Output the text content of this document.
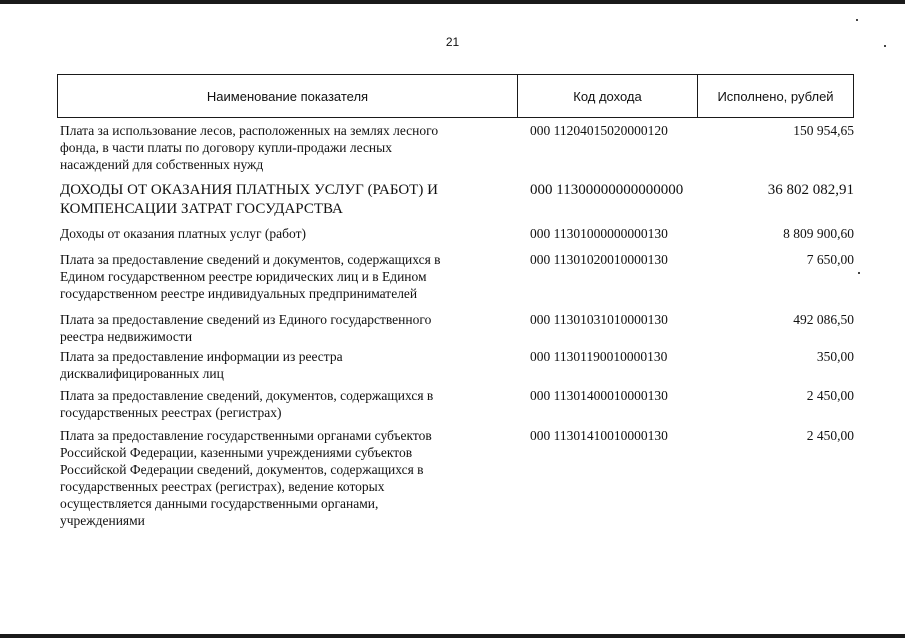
21
Наименование показателя	Код дохода	Исполнено, рублей
Плата за использование лесов, расположенных на землях лесного
фонда, в части платы по договору купли-продажи лесных
насаждений для собственных нужд
000 11204015020000120	150 954,65
ДОХОДЫ ОТ ОКАЗАНИЯ ПЛАТНЫХ УСЛУГ (РАБОТ) И
КОМПЕНСАЦИИ ЗАТРАТ ГОСУДАРСТВА
000 11300000000000000	36 802 082,91
Доходы от оказания платных услуг (работ)	000 11301000000000130	8 809 900,60
Плата за предоставление сведений и документов, содержащихся в
Едином государственном реестре юридических лиц и в Едином
государственном реестре индивидуальных предпринимателей
000 11301020010000130	7 650,00
Плата за предоставление сведений из Единого государственного
реестра недвижимости
000 11301031010000130	492 086,50
Плата за предоставление информации из реестра
дисквалифицированных лиц
000 11301190010000130	350,00
Плата за предоставление сведений, документов, содержащихся в
государственных реестрах (регистрах)
000 11301400010000130	2 450,00
Плата за предоставление государственными органами субъектов
Российской Федерации, казенными учреждениями субъектов
Российской Федерации сведений, документов, содержащихся в
государственных реестрах (регистрах), ведение которых
осуществляется данными государственными органами,
учреждениями
000 11301410010000130	2 450,00
